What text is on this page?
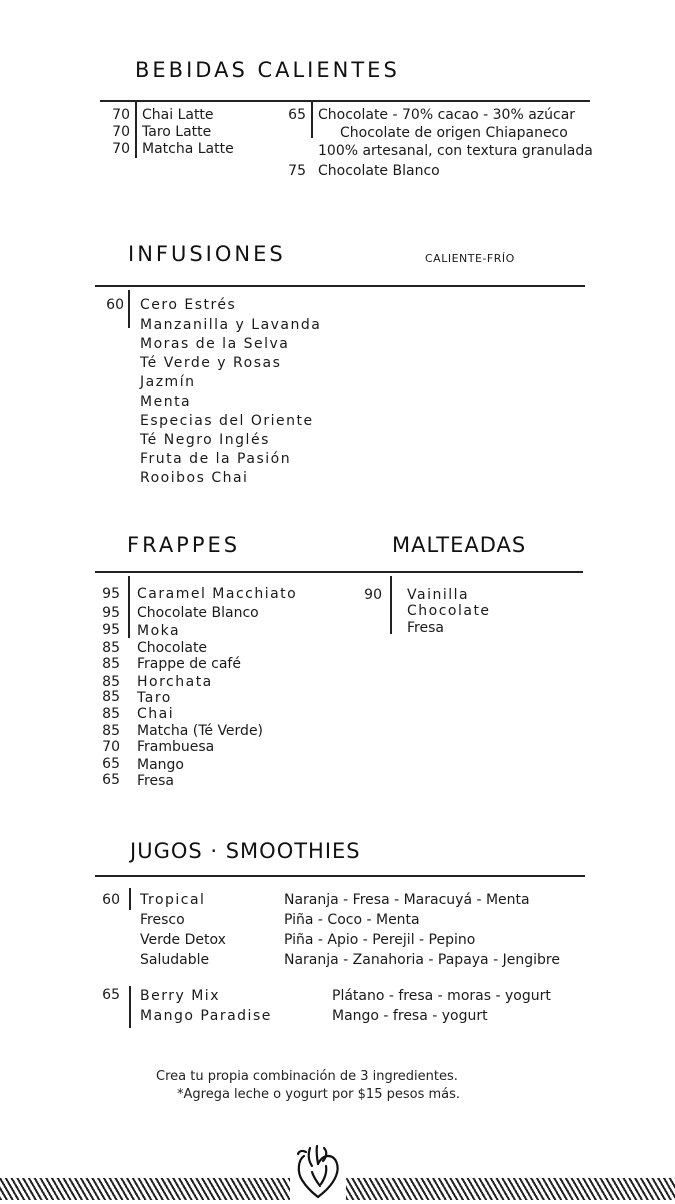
BEBIDAS CALIENTES
70 Chai Latte
70 Taro Latte
70 Matcha Latte
65 Chocolate - 70% cacao - 30% azúcar
Chocolate de origen Chiapaneco
100% artesanal, con textura granulada
75 Chocolate Blanco
INFUSIONES	CALIENTE-FRÍO
60 Cero Estrés
Manzanilla y Lavanda
Moras de la Selva
Té Verde y Rosas
Jazmín
Menta
Especias del Oriente
Té Negro Inglés
Fruta de la Pasión
Rooibos Chai
FRAPPES
95 Caramel Macchiato
95 Chocolate Blanco
95 Moka
85 Chocolate
85 Frappe de café
85 Horchata
85 Taro
85 Chai
85 Matcha (Té Verde)
70 Frambuesa
65 Mango
65 Fresa
MALTEADAS
90 Vainilla
Chocolate
Fresa
JUGOS · SMOOTHIES
60 Tropical	Naranja - Fresa - Maracuyá - Menta
Fresco	Piña - Coco - Menta
Verde Detox	Piña - Apio - Perejil - Pepino
Saludable	Naranja - Zanahoria - Papaya - Jengibre
65 Berry Mix	Plátano - fresa - moras - yogurt
Mango Paradise	Mango - fresa - yogurt
Crea tu propia combinación de 3 ingredientes.
*Agrega leche o yogurt por $15 pesos más.
